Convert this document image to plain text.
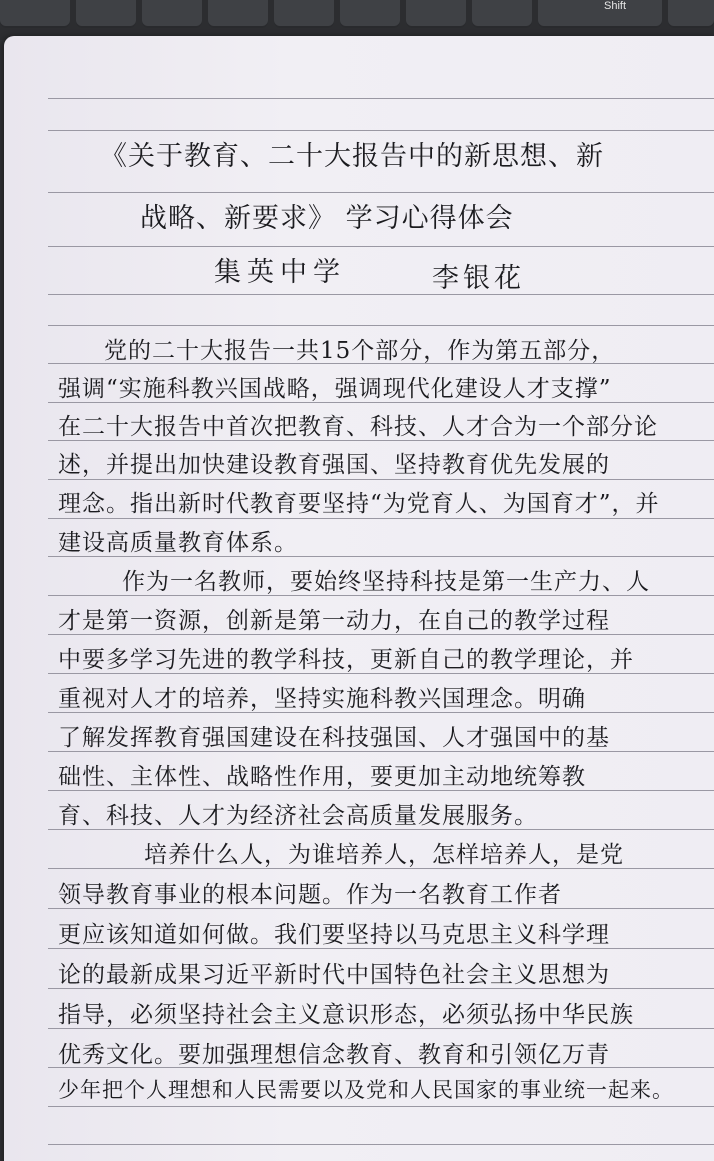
Shift
《关于教育、二十大报告中的新思想、新
战略、新要求》 学习心得体会
集英中学	李银花
党的二十大报告一共15个部分，作为第五部分，
强调“实施科教兴国战略，强调现代化建设人才支撑”
在二十大报告中首次把教育、科技、人才合为一个部分论
述，并提出加快建设教育强国、坚持教育优先发展的
理念。指出新时代教育要坚持“为党育人、为国育才”，并
建设高质量教育体系。
作为一名教师，要始终坚持科技是第一生产力、人
才是第一资源，创新是第一动力，在自己的教学过程
中要多学习先进的教学科技，更新自己的教学理论，并
重视对人才的培养，坚持实施科教兴国理念。明确
了解发挥教育强国建设在科技强国、人才强国中的基
础性、主体性、战略性作用，要更加主动地统筹教
育、科技、人才为经济社会高质量发展服务。
培养什么人，为谁培养人，怎样培养人，是党
领导教育事业的根本问题。作为一名教育工作者
更应该知道如何做。我们要坚持以马克思主义科学理
论的最新成果习近平新时代中国特色社会主义思想为
指导，必须坚持社会主义意识形态，必须弘扬中华民族
优秀文化。要加强理想信念教育、教育和引领亿万青
少年把个人理想和人民需要以及党和人民国家的事业统一起来。
